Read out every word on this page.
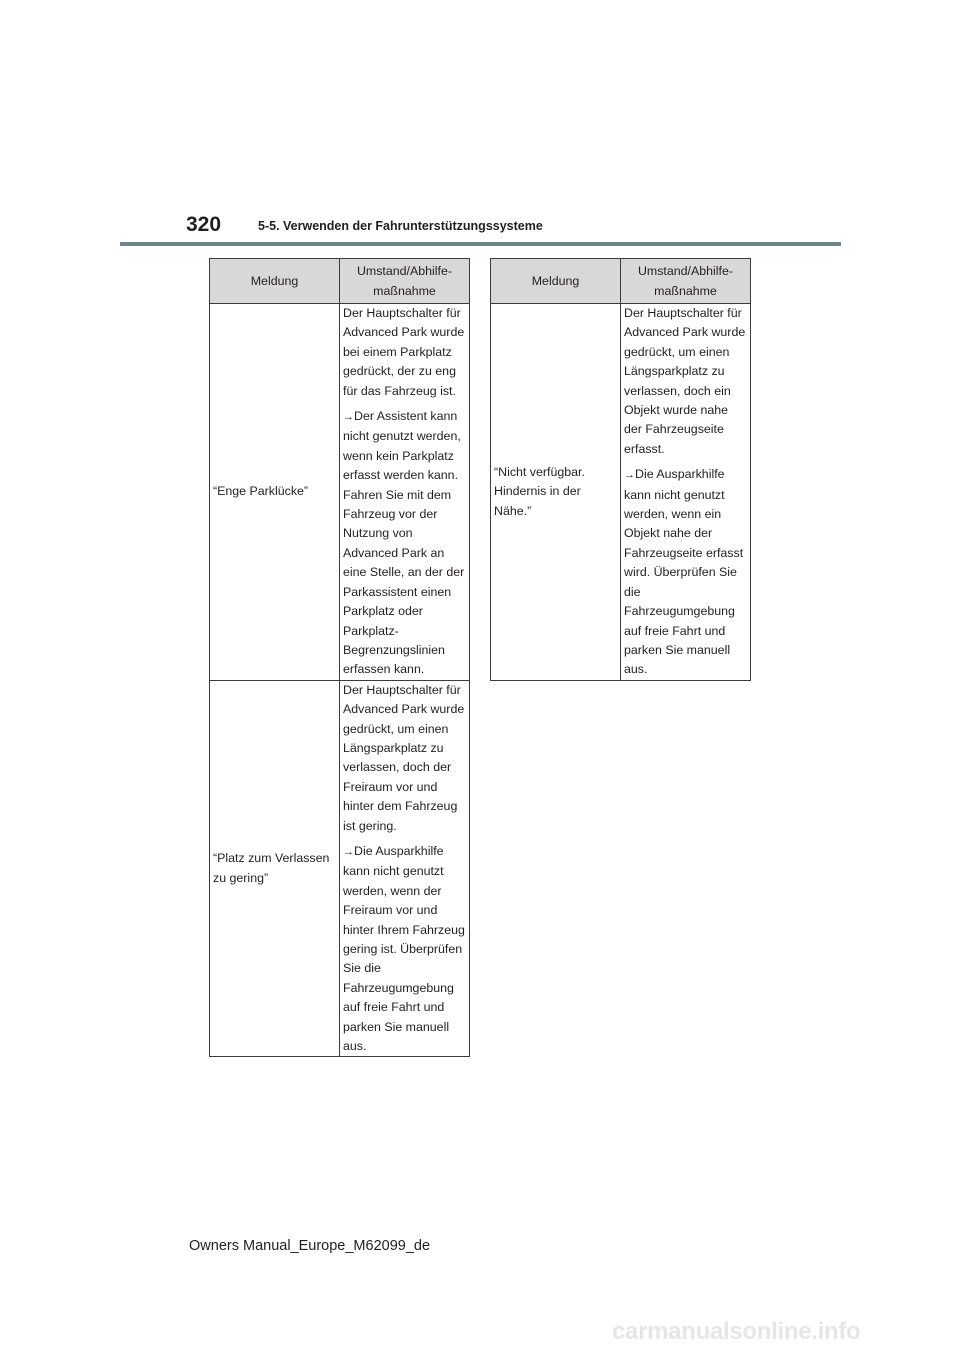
320	5-5. Verwenden der Fahrunterstützungssysteme
Meldung	Umstand/Abhilfe-maßnahme
“Enge Parklücke”	Der Hauptschalter für Advanced Park wurde bei einem Parkplatz gedrückt, der zu eng für das Fahrzeug ist.

→Der Assistent kann nicht genutzt werden, wenn kein Parkplatz erfasst werden kann. Fahren Sie mit dem Fahrzeug vor der Nutzung von Advanced Park an eine Stelle, an der der Parkassistent einen Parkplatz oder Parkplatz-Begrenzungslinien erfassen kann.

“Platz zum Verlassen zu gering”	Der Hauptschalter für Advanced Park wurde gedrückt, um einen Längsparkplatz zu verlassen, doch der Freiraum vor und hinter dem Fahrzeug ist gering.

→Die Ausparkhilfe kann nicht genutzt werden, wenn der Freiraum vor und hinter Ihrem Fahrzeug gering ist. Überprüfen Sie die Fahrzeugumgebung auf freie Fahrt und parken Sie manuell aus.

Meldung	Umstand/Abhilfe-maßnahme
“Nicht verfügbar. Hindernis in der Nähe.”	Der Hauptschalter für Advanced Park wurde gedrückt, um einen Längsparkplatz zu verlassen, doch ein Objekt wurde nahe der Fahrzeugseite erfasst.

→Die Ausparkhilfe kann nicht genutzt werden, wenn ein Objekt nahe der Fahrzeugseite erfasst wird. Überprüfen Sie die Fahrzeugumgebung auf freie Fahrt und parken Sie manuell aus.

Owners Manual_Europe_M62099_de
carmanualsonline.info
